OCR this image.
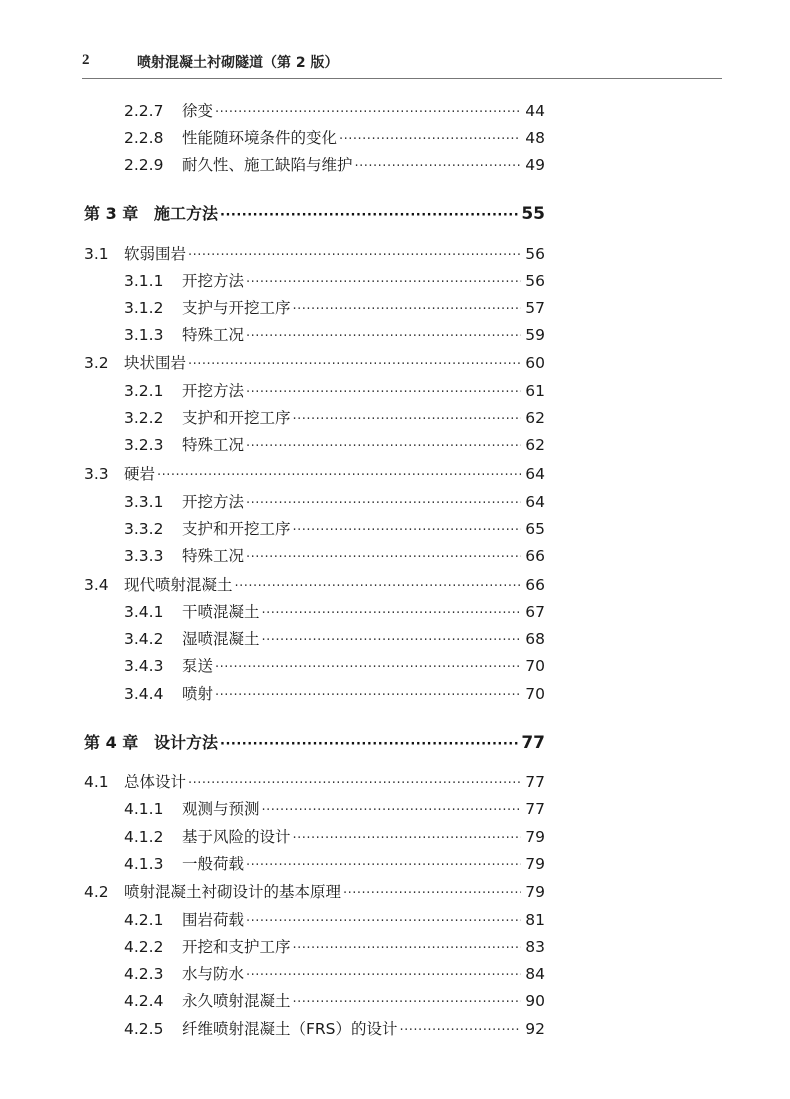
2	喷射混凝土衬砌隧道（第 2 版）
2.2.7	徐变 ·····	44
2.2.8	性能随环境条件的变化 ·····	48
2.2.9	耐久性、施工缺陷与维护 ·····	49
第 3 章 施工方法 ·····	55
3.1 软弱围岩 ·····	56
3.1.1	开挖方法 ·····	56
3.1.2	支护与开挖工序 ·····	57
3.1.3	特殊工况 ·····	59
3.2 块状围岩 ·····	60
3.2.1	开挖方法 ·····	61
3.2.2	支护和开挖工序 ·····	62
3.2.3	特殊工况 ·····	62
3.3 硬岩 ·····	64
3.3.1	开挖方法 ·····	64
3.3.2	支护和开挖工序 ·····	65
3.3.3	特殊工况 ·····	66
3.4 现代喷射混凝土 ·····	66
3.4.1	干喷混凝土 ·····	67
3.4.2	湿喷混凝土 ·····	68
3.4.3	泵送 ·····	70
3.4.4	喷射 ·····	70
第 4 章 设计方法 ·····	77
4.1 总体设计 ·····	77
4.1.1	观测与预测 ·····	77
4.1.2	基于风险的设计 ·····	79
4.1.3	一般荷载 ·····	79
4.2 喷射混凝土衬砌设计的基本原理 ·····	79
4.2.1	围岩荷载 ·····	81
4.2.2	开挖和支护工序 ·····	83
4.2.3	水与防水 ·····	84
4.2.4	永久喷射混凝土 ·····	90
4.2.5	纤维喷射混凝土（FRS）的设计 ·····	92
